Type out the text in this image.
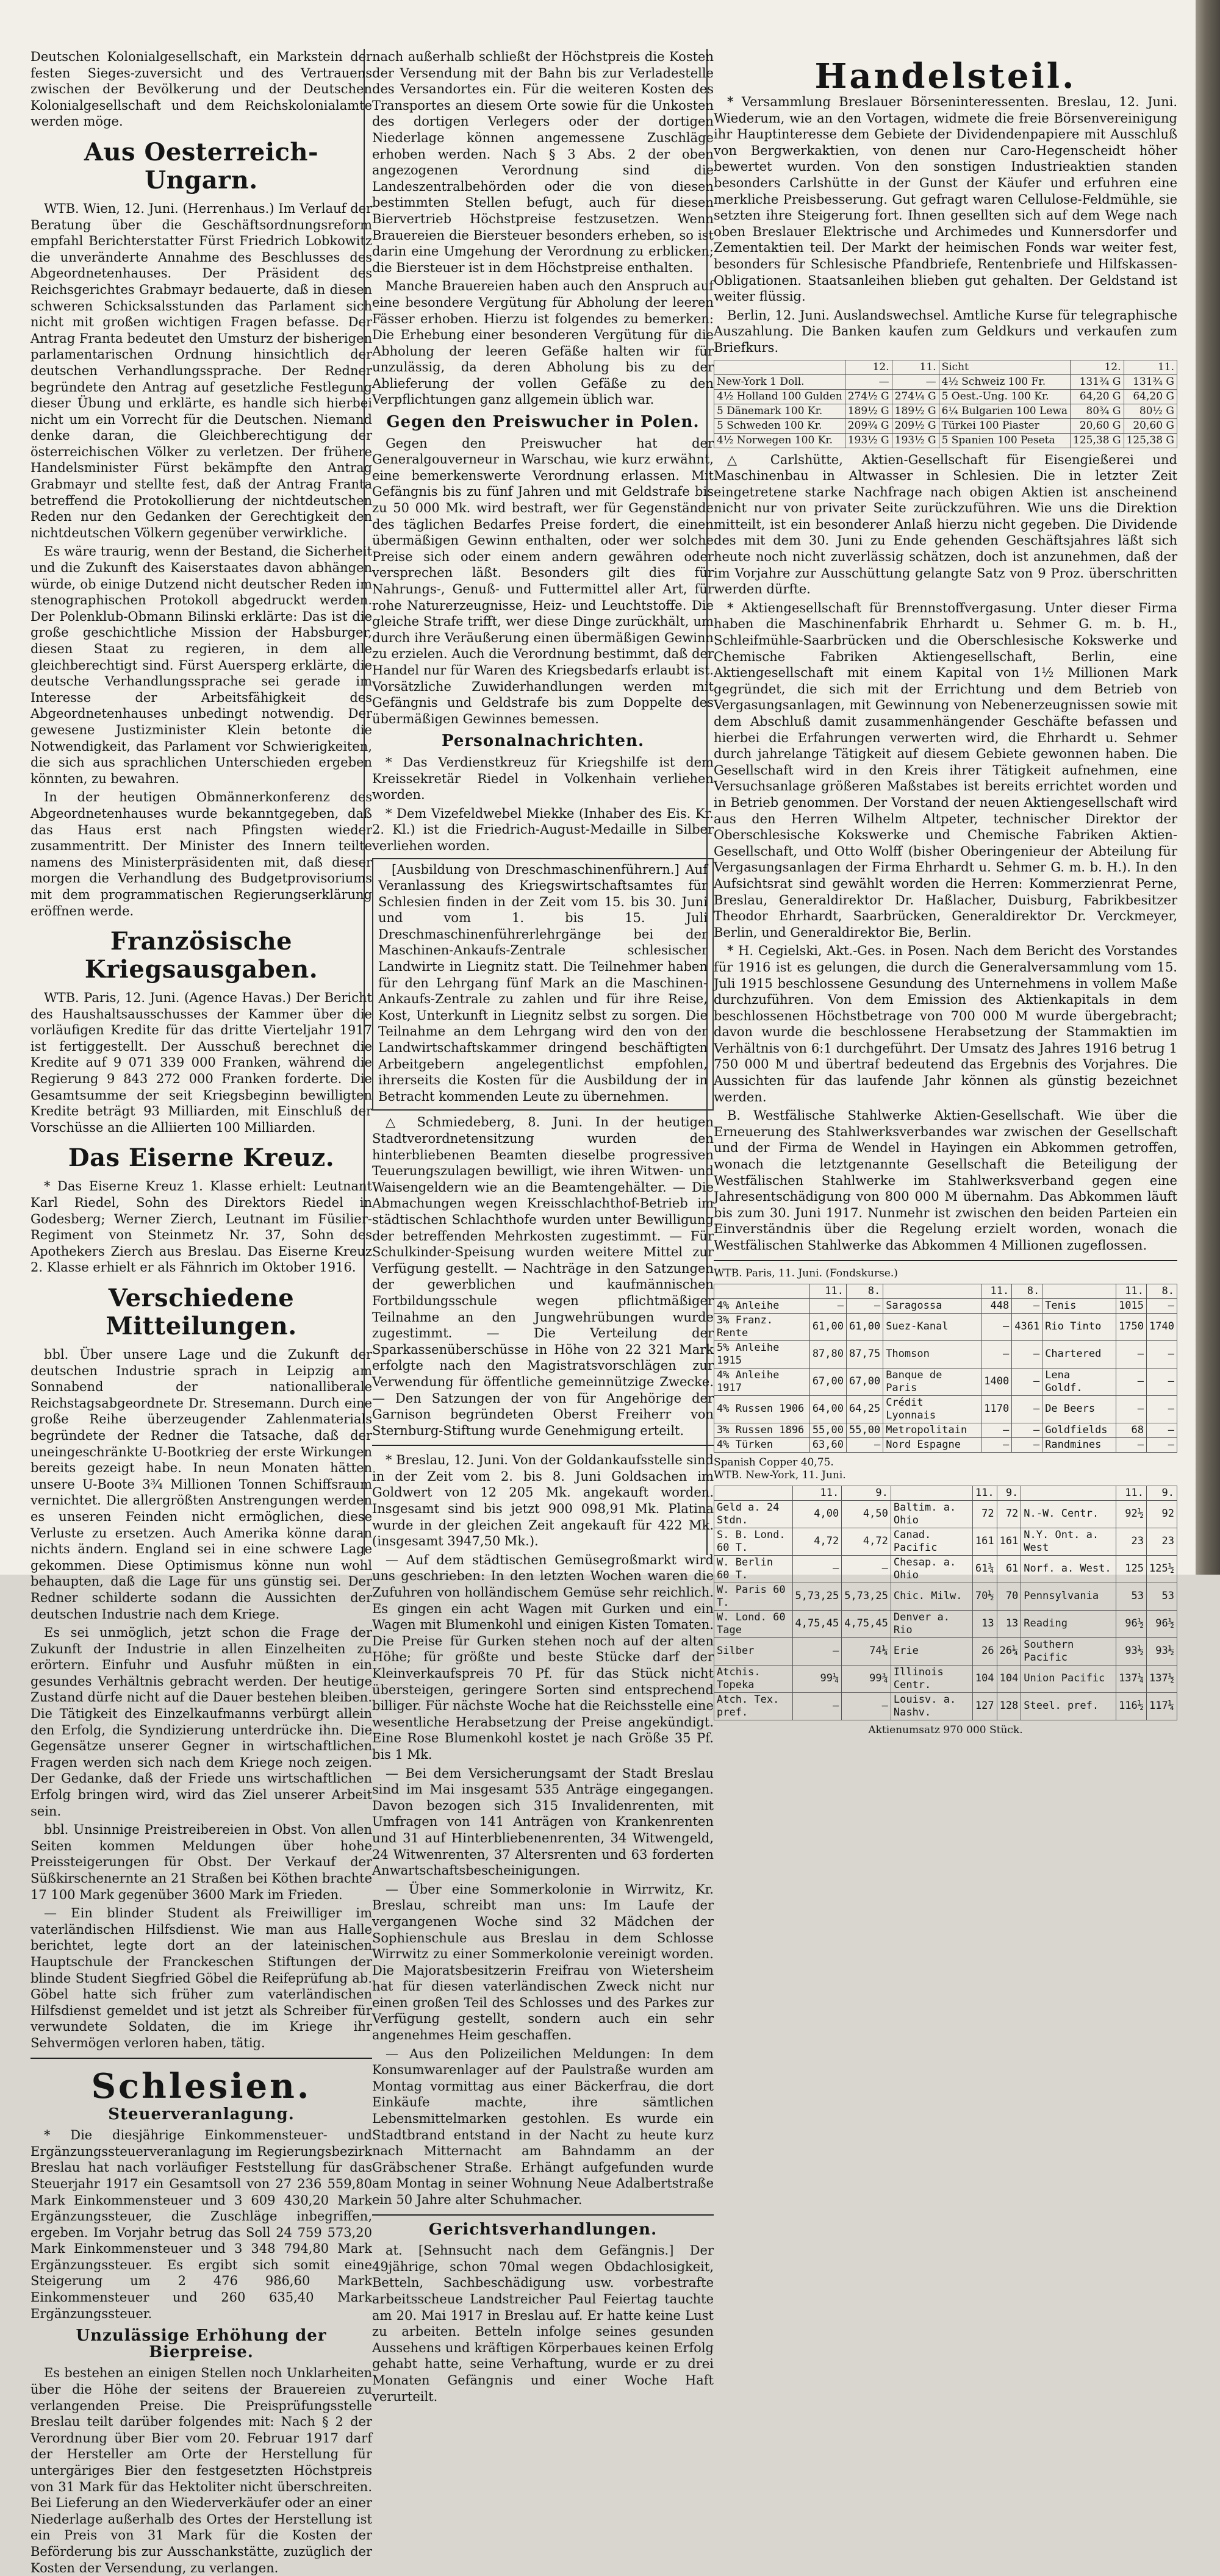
Deutschen Kolonialgesellschaft, ein Markstein der festen Sieges-zuversicht und des Vertrauens zwischen der Bevölkerung und der Deutschen Kolonialgesellschaft und dem Reichskolonialamte werden möge.

Aus Oesterreich-Ungarn.

WTB. Wien, 12. Juni. (Herrenhaus.) Im Verlauf der Beratung über die Geschäftsordnungsreform empfahl Berichterstatter Fürst Friedrich Lobkowitz die unveränderte Annahme des Beschlusses des Abgeordnetenhauses. Der Präsident des Reichsgerichtes Grabmayr bedauerte, daß in diesen schweren Schicksalsstunden das Parlament sich nicht mit großen wichtigen Fragen befasse. Der Antrag Franta bedeutet den Umsturz der bisherigen parlamentarischen Ordnung hinsichtlich der deutschen Verhandlungssprache. Der Redner begründete den Antrag auf gesetzliche Festlegung dieser Übung und erklärte, es handle sich hierbei nicht um ein Vorrecht für die Deutschen. Niemand denke daran, die Gleichberechtigung der österreichischen Völker zu verletzen. Der frühere Handelsminister Fürst bekämpfte den Antrag Grabmayr und stellte fest, daß der Antrag Franta betreffend die Protokollierung der nichtdeutschen Reden nur den Gedanken der Gerechtigkeit den nichtdeutschen Völkern gegenüber verwirkliche.

Es wäre traurig, wenn der Bestand, die Sicherheit und die Zukunft des Kaiserstaates davon abhängen würde, ob einige Dutzend nicht deutscher Reden im stenographischen Protokoll abgedruckt werden. Der Polenklub-Obmann Bilinski erklärte: Das ist die große geschichtliche Mission der Habsburger, diesen Staat zu regieren, in dem alle gleichberechtigt sind. Fürst Auersperg erklärte, die deutsche Verhandlungssprache sei gerade im Interesse der Arbeitsfähigkeit des Abgeordnetenhauses unbedingt notwendig. Der gewesene Justizminister Klein betonte die Notwendigkeit, das Parlament vor Schwierigkeiten, die sich aus sprachlichen Unterschieden ergeben könnten, zu bewahren.

In der heutigen Obmännerkonferenz des Abgeordnetenhauses wurde bekanntgegeben, daß das Haus erst nach Pfingsten wieder zusammentritt. Der Minister des Innern teilte namens des Ministerpräsidenten mit, daß dieser morgen die Verhandlung des Budgetprovisoriums mit dem programmatischen Regierungserklärung eröffnen werde.

Französische Kriegsausgaben.

WTB. Paris, 12. Juni. (Agence Havas.) Der Bericht des Haushaltsausschusses der Kammer über die vorläufigen Kredite für das dritte Vierteljahr 1917 ist fertiggestellt. Der Ausschuß berechnet die Kredite auf 9 071 339 000 Franken, während die Regierung 9 843 272 000 Franken forderte. Die Gesamtsumme der seit Kriegsbeginn bewilligten Kredite beträgt 93 Milliarden, mit Einschluß der Vorschüsse an die Alliierten 100 Milliarden.

Das Eiserne Kreuz.

* Das Eiserne Kreuz 1. Klasse erhielt: Leutnant Karl Riedel, Sohn des Direktors Riedel in Godesberg; Werner Zierch, Leutnant im Füsilier-Regiment von Steinmetz Nr. 37, Sohn des Apothekers Zierch aus Breslau. Das Eiserne Kreuz 2. Klasse erhielt er als Fähnrich im Oktober 1916.

Verschiedene Mitteilungen.

bbl. Über unsere Lage und die Zukunft der deutschen Industrie sprach in Leipzig am Sonnabend der nationalliberale Reichstagsabgeordnete Dr. Stresemann. Durch eine große Reihe überzeugender Zahlenmaterials begründete der Redner die Tatsache, daß der uneingeschränkte U-Bootkrieg der erste Wirkungen bereits gezeigt habe. In neun Monaten hätten unsere U-Boote 3¾ Millionen Tonnen Schiffsraum vernichtet. Die allergrößten Anstrengungen werden es unseren Feinden nicht ermöglichen, diese Verluste zu ersetzen. Auch Amerika könne daran nichts ändern. England sei in eine schwere Lage gekommen. Diese Optimismus könne nun wohl behaupten, daß die Lage für uns günstig sei. Der Redner schilderte sodann die Aussichten der deutschen Industrie nach dem Kriege.

Es sei unmöglich, jetzt schon die Frage der Zukunft der Industrie in allen Einzelheiten zu erörtern. Einfuhr und Ausfuhr müßten in ein gesundes Verhältnis gebracht werden. Der heutige Zustand dürfe nicht auf die Dauer bestehen bleiben. Die Tätigkeit des Einzelkaufmanns verbürgt allein den Erfolg, die Syndizierung unterdrücke ihn. Die Gegensätze unserer Gegner in wirtschaftlichen Fragen werden sich nach dem Kriege noch zeigen. Der Gedanke, daß der Friede uns wirtschaftlichen Erfolg bringen wird, wird das Ziel unserer Arbeit sein.

bbl. Unsinnige Preistreibereien in Obst. Von allen Seiten kommen Meldungen über hohe Preissteigerungen für Obst. Der Verkauf der Süßkirschenernte an 21 Straßen bei Köthen brachte 17 100 Mark gegenüber 3600 Mark im Frieden.

— Ein blinder Student als Freiwilliger im vaterländischen Hilfsdienst. Wie man aus Halle berichtet, legte dort an der lateinischen Hauptschule der Franckeschen Stiftungen der blinde Student Siegfried Göbel die Reifeprüfung ab. Göbel hatte sich früher zum vaterländischen Hilfsdienst gemeldet und ist jetzt als Schreiber für verwundete Soldaten, die im Kriege ihr Sehvermögen verloren haben, tätig.

Schlesien.
Steuerveranlagung.

* Die diesjährige Einkommensteuer- und Ergänzungssteuerveranlagung im Regierungsbezirk Breslau hat nach vorläufiger Feststellung für das Steuerjahr 1917 ein Gesamtsoll von 27 236 559,80 Mark Einkommensteuer und 3 609 430,20 Mark Ergänzungssteuer, die Zuschläge inbegriffen, ergeben. Im Vorjahr betrug das Soll 24 759 573,20 Mark Einkommensteuer und 3 348 794,80 Mark Ergänzungssteuer. Es ergibt sich somit eine Steigerung um 2 476 986,60 Mark Einkommensteuer und 260 635,40 Mark Ergänzungssteuer.

Unzulässige Erhöhung der Bierpreise.

Es bestehen an einigen Stellen noch Unklarheiten über die Höhe der seitens der Brauereien zu verlangenden Preise. Die Preisprüfungsstelle Breslau teilt darüber folgendes mit: Nach § 2 der Verordnung über Bier vom 20. Februar 1917 darf der Hersteller am Orte der Herstellung für untergäriges Bier den festgesetzten Höchstpreis von 31 Mark für das Hektoliter nicht überschreiten. Bei Lieferung an den Wiederverkäufer oder an einer Niederlage außerhalb des Ortes der Herstellung ist ein Preis von 31 Mark für die Kosten der Beförderung bis zur Ausschankstätte, zuzüglich der Kosten der Versendung, zu verlangen.

nach außerhalb schließt der Höchstpreis die Kosten der Versendung mit der Bahn bis zur Verladestelle des Versandortes ein. Für die weiteren Kosten des Transportes an diesem Orte sowie für die Unkosten des dortigen Verlegers oder der dortigen Niederlage können angemessene Zuschläge erhoben werden. Nach § 3 Abs. 2 der oben angezogenen Verordnung sind die Landeszentralbehörden oder die von diesen bestimmten Stellen befugt, auch für diesen Biervertrieb Höchstpreise festzusetzen. Wenn Brauereien die Biersteuer besonders erheben, so ist darin eine Umgehung der Verordnung zu erblicken; die Biersteuer ist in dem Höchstpreise enthalten.

Manche Brauereien haben auch den Anspruch auf eine besondere Vergütung für Abholung der leeren Fässer erhoben. Hierzu ist folgendes zu bemerken: Die Erhebung einer besonderen Vergütung für die Abholung der leeren Gefäße halten wir für unzulässig, da deren Abholung bis zu der Ablieferung der vollen Gefäße zu den Verpflichtungen ganz allgemein üblich war.

Gegen den Preiswucher in Polen.

Gegen den Preiswucher hat der Generalgouverneur in Warschau, wie kurz erwähnt, eine bemerkenswerte Verordnung erlassen. Mit Gefängnis bis zu fünf Jahren und mit Geldstrafe bis zu 50 000 Mk. wird bestraft, wer für Gegenstände des täglichen Bedarfes Preise fordert, die einen übermäßigen Gewinn enthalten, oder wer solche Preise sich oder einem andern gewähren oder versprechen läßt. Besonders gilt dies für Nahrungs-, Genuß- und Futtermittel aller Art, für rohe Naturerzeugnisse, Heiz- und Leuchtstoffe. Die gleiche Strafe trifft, wer diese Dinge zurückhält, um durch ihre Veräußerung einen übermäßigen Gewinn zu erzielen. Auch die Verordnung bestimmt, daß der Handel nur für Waren des Kriegsbedarfs erlaubt ist. Vorsätzliche Zuwiderhandlungen werden mit Gefängnis und Geldstrafe bis zum Doppelte des übermäßigen Gewinnes bemessen.

Personalnachrichten.

* Das Verdienstkreuz für Kriegshilfe ist dem Kreissekretär Riedel in Volkenhain verliehen worden.

* Dem Vizefeldwebel Miekke (Inhaber des Eis. Kr. 2. Kl.) ist die Friedrich-August-Medaille in Silber verliehen worden.

[Ausbildung von Dreschmaschinenführern.] Auf Veranlassung des Kriegswirtschaftsamtes für Schlesien finden in der Zeit vom 15. bis 30. Juni und vom 1. bis 15. Juli Dreschmaschinenführerlehrgänge bei der Maschinen-Ankaufs-Zentrale schlesischer Landwirte in Liegnitz statt. Die Teilnehmer haben für den Lehrgang fünf Mark an die Maschinen-Ankaufs-Zentrale zu zahlen und für ihre Reise, Kost, Unterkunft in Liegnitz selbst zu sorgen. Die Teilnahme an dem Lehrgang wird den von der Landwirtschaftskammer dringend beschäftigten Arbeitgebern angelegentlichst empfohlen, ihrerseits die Kosten für die Ausbildung der in Betracht kommenden Leute zu übernehmen.

△ Schmiedeberg, 8. Juni. In der heutigen Stadtverordnetensitzung wurden den hinterbliebenen Beamten dieselbe progressiven Teuerungszulagen bewilligt, wie ihren Witwen- und Waisengeldern wie an die Beamtengehälter. — Die Abmachungen wegen Kreisschlachthof-Betrieb im städtischen Schlachthofe wurden unter Bewilligung der betreffenden Mehrkosten zugestimmt. — Für Schulkinder-Speisung wurden weitere Mittel zur Verfügung gestellt. — Nachträge in den Satzungen der gewerblichen und kaufmännischen Fortbildungsschule wegen pflichtmäßiger Teilnahme an den Jungwehrübungen wurde zugestimmt. — Die Verteilung der Sparkassenüberschüsse in Höhe von 22 321 Mark erfolgte nach den Magistratsvorschlägen zur Verwendung für öffentliche gemeinnützige Zwecke. — Den Satzungen der von für Angehörige der Garnison begründeten Oberst Freiherr von Sternburg-Stiftung wurde Genehmigung erteilt.

* Breslau, 12. Juni. Von der Goldankaufsstelle sind in der Zeit vom 2. bis 8. Juni Goldsachen im Goldwert von 12 205 Mk. angekauft worden. Insgesamt sind bis jetzt 900 098,91 Mk. Platina wurde in der gleichen Zeit angekauft für 422 Mk. (insgesamt 3947,50 Mk.).

— Auf dem städtischen Gemüsegroßmarkt wird uns geschrieben: In den letzten Wochen waren die Zufuhren von holländischem Gemüse sehr reichlich. Es gingen ein acht Wagen mit Gurken und ein Wagen mit Blumenkohl und einigen Kisten Tomaten. Die Preise für Gurken stehen noch auf der alten Höhe; für größte und beste Stücke darf der Kleinverkaufspreis 70 Pf. für das Stück nicht übersteigen, geringere Sorten sind entsprechend billiger. Für nächste Woche hat die Reichsstelle eine wesentliche Herabsetzung der Preise angekündigt. Eine Rose Blumenkohl kostet je nach Größe 35 Pf. bis 1 Mk.

— Bei dem Versicherungsamt der Stadt Breslau sind im Mai insgesamt 535 Anträge eingegangen. Davon bezogen sich 315 Invalidenrenten, mit Umfragen von 141 Anträgen von Krankenrenten und 31 auf Hinterbliebenenrenten, 34 Witwengeld, 24 Witwenrenten, 37 Altersrenten und 63 forderten Anwartschaftsbescheinigungen.

— Über eine Sommerkolonie in Wirrwitz, Kr. Breslau, schreibt man uns: Im Laufe der vergangenen Woche sind 32 Mädchen der Sophienschule aus Breslau in dem Schlosse Wirrwitz zu einer Sommerkolonie vereinigt worden. Die Majoratsbesitzerin Freifrau von Wietersheim hat für diesen vaterländischen Zweck nicht nur einen großen Teil des Schlosses und des Parkes zur Verfügung gestellt, sondern auch ein sehr angenehmes Heim geschaffen.

— Aus den Polizeilichen Meldungen: In dem Konsumwarenlager auf der Paulstraße wurden am Montag vormittag aus einer Bäckerfrau, die dort Einkäufe machte, ihre sämtlichen Lebensmittelmarken gestohlen. Es wurde ein Stadtbrand entstand in der Nacht zu heute kurz nach Mitternacht am Bahndamm an der Gräbschener Straße. Erhängt aufgefunden wurde am Montag in seiner Wohnung Neue Adalbertstraße ein 50 Jahre alter Schuhmacher.

Gerichtsverhandlungen.

at. [Sehnsucht nach dem Gefängnis.] Der 49jährige, schon 70mal wegen Obdachlosigkeit, Betteln, Sachbeschädigung usw. vorbestrafte arbeitsscheue Landstreicher Paul Feiertag tauchte am 20. Mai 1917 in Breslau auf. Er hatte keine Lust zu arbeiten. Betteln infolge seines gesunden Aussehens und kräftigen Körperbaues keinen Erfolg gehabt hatte, seine Verhaftung, wurde er zu drei Monaten Gefängnis und einer Woche Haft verurteilt.

Handelsteil.

* Versammlung Breslauer Börseninteressenten. Breslau, 12. Juni. Wiederum, wie an den Vortagen, widmete die freie Börsenvereinigung ihr Hauptinteresse dem Gebiete der Dividendenpapiere mit Ausschluß von Bergwerkaktien, von denen nur Caro-Hegenscheidt höher bewertet wurden. Von den sonstigen Industrieaktien standen besonders Carlshütte in der Gunst der Käufer und erfuhren eine merkliche Preisbesserung. Gut gefragt waren Cellulose-Feldmühle, sie setzten ihre Steigerung fort. Ihnen gesellten sich auf dem Wege nach oben Breslauer Elektrische und Archimedes und Kunnersdorfer und Zementaktien teil. Der Markt der heimischen Fonds war weiter fest, besonders für Schlesische Pfandbriefe, Rentenbriefe und Hilfskassen-Obligationen. Staatsanleihen blieben gut gehalten. Der Geldstand ist weiter flüssig.

Berlin, 12. Juni. Auslandswechsel. Amtliche Kurse für telegraphische Auszahlung. Die Banken kaufen zum Geldkurs und verkaufen zum Briefkurs.

	12.	11.	Sicht	12.	11.
New-York 1 Doll.	—	—	4½ Schweiz 100 Fr.	131¾ G	131¾ G
4½ Holland 100 Gulden	274½ G	274¼ G	5 Oest.-Ung. 100 Kr.	64,20 G	64,20 G
5 Dänemark 100 Kr.	189½ G	189½ G	6¼ Bulgarien 100 Lewa	80¾ G	80½ G
5 Schweden 100 Kr.	209¾ G	209½ G	Türkei 100 Piaster	20,60 G	20,60 G
4½ Norwegen 100 Kr.	193½ G	193½ G	5 Spanien 100 Peseta	125,38 G	125,38 G

△ Carlshütte, Aktien-Gesellschaft für Eisengießerei und Maschinenbau in Altwasser in Schlesien. Die in letzter Zeit eingetretene starke Nachfrage nach obigen Aktien ist anscheinend nicht nur von privater Seite zurückzuführen. Wie uns die Direktion mitteilt, ist ein besonderer Anlaß hierzu nicht gegeben. Die Dividende des mit dem 30. Juni zu Ende gehenden Geschäftsjahres läßt sich heute noch nicht zuverlässig schätzen, doch ist anzunehmen, daß der im Vorjahre zur Ausschüttung gelangte Satz von 9 Proz. überschritten werden dürfte.

* Aktiengesellschaft für Brennstoffvergasung. Unter dieser Firma haben die Maschinenfabrik Ehrhardt u. Sehmer G. m. b. H., Schleifmühle-Saarbrücken und die Oberschlesische Kokswerke und Chemische Fabriken Aktiengesellschaft, Berlin, eine Aktiengesellschaft mit einem Kapital von 1½ Millionen Mark gegründet, die sich mit der Errichtung und dem Betrieb von Vergasungsanlagen, mit Gewinnung von Nebenerzeugnissen sowie mit dem Abschluß damit zusammenhängender Geschäfte befassen und hierbei die Erfahrungen verwerten wird, die Ehrhardt u. Sehmer durch jahrelange Tätigkeit auf diesem Gebiete gewonnen haben. Die Gesellschaft wird in den Kreis ihrer Tätigkeit aufnehmen, eine Versuchsanlage größeren Maßstabes ist bereits errichtet worden und in Betrieb genommen. Der Vorstand der neuen Aktiengesellschaft wird aus den Herren Wilhelm Altpeter, technischer Direktor der Oberschlesische Kokswerke und Chemische Fabriken Aktien-Gesellschaft, und Otto Wolff (bisher Oberingenieur der Abteilung für Vergasungsanlagen der Firma Ehrhardt u. Sehmer G. m. b. H.). In den Aufsichtsrat sind gewählt worden die Herren: Kommerzienrat Perne, Breslau, Generaldirektor Dr. Haßlacher, Duisburg, Fabrikbesitzer Theodor Ehrhardt, Saarbrücken, Generaldirektor Dr. Verckmeyer, Berlin, und Generaldirektor Bie, Berlin.

* H. Cegielski, Akt.-Ges. in Posen. Nach dem Bericht des Vorstandes für 1916 ist es gelungen, die durch die Generalversammlung vom 15. Juli 1915 beschlossene Gesundung des Unternehmens in vollem Maße durchzuführen. Von dem Emission des Aktienkapitals in dem beschlossenen Höchstbetrage von 700 000 M wurde übergebracht; davon wurde die beschlossene Herabsetzung der Stammaktien im Verhältnis von 6:1 durchgeführt. Der Umsatz des Jahres 1916 betrug 1 750 000 M und übertraf bedeutend das Ergebnis des Vorjahres. Die Aussichten für das laufende Jahr können als günstig bezeichnet werden.

B. Westfälische Stahlwerke Aktien-Gesellschaft. Wie über die Erneuerung des Stahlwerksverbandes war zwischen der Gesellschaft und der Firma de Wendel in Hayingen ein Abkommen getroffen, wonach die letztgenannte Gesellschaft die Beteiligung der Westfälischen Stahlwerke im Stahlwerksverband gegen eine Jahresentschädigung von 800 000 M übernahm. Das Abkommen läuft bis zum 30. Juni 1917. Nunmehr ist zwischen den beiden Parteien ein Einverständnis über die Regelung erzielt worden, wonach die Westfälischen Stahlwerke das Abkommen 4 Millionen zugeflossen.

WTB. Paris, 11. Juni. (Fondskurse.)
	11.	8.		11.	8.		11.	8.
4% Anleihe	—	—	Saragossa	448	—	Tenis	1015	—
3% Franz. Rente	61,00	61,00	Suez-Kanal	—	4361	Rio Tinto	1750	1740
5% Anleihe 1915	87,80	87,75	Thomson	—	—	Chartered	—	—
4% Anleihe 1917	67,00	67,00	Banque de Paris	1400	—	Lena Goldf.	—	—
4% Russen 1906	64,00	64,25	Crédit Lyonnais	1170	—	De Beers	—	—
3% Russen 1896	55,00	55,00	Metropolitain	—	—	Goldfields	68	—
4% Türken	63,60	—	Nord Espagne	—	—	Randmines	—	—
Spanish Copper 40,75.
WTB. New-York, 11. Juni.
	11.	9.		11.	9.		11.	9.
Geld a. 24 Stdn.	4,00	4,50	Baltim. a. Ohio	72	72	N.-W. Centr.	92½	92
S. B. Lond. 60 T.	4,72	4,72	Canad. Pacific	161	161	N.Y. Ont. a. West	23	23
W. Berlin 60 T.	—	—	Chesap. a. Ohio	61¾	61	Norf. a. West.	125	125½
W. Paris 60 T.	5,73,25	5,73,25	Chic. Milw.	70½	70	Pennsylvania	53	53
W. Lond. 60 Tage	4,75,45	4,75,45	Denver a. Rio	13	13	Reading	96½	96½
Silber	—	74¼	Erie	26	26¼	Southern Pacific	93½	93½
Atchis. Topeka	99¼	99¾	Illinois Centr.	104	104	Union Pacific	137¼	137½
Atch. Tex. pref.	—	—	Louisv. a. Nashv.	127	128	Steel. pref.	116½	117¼
Aktienumsatz 970 000 Stück.
